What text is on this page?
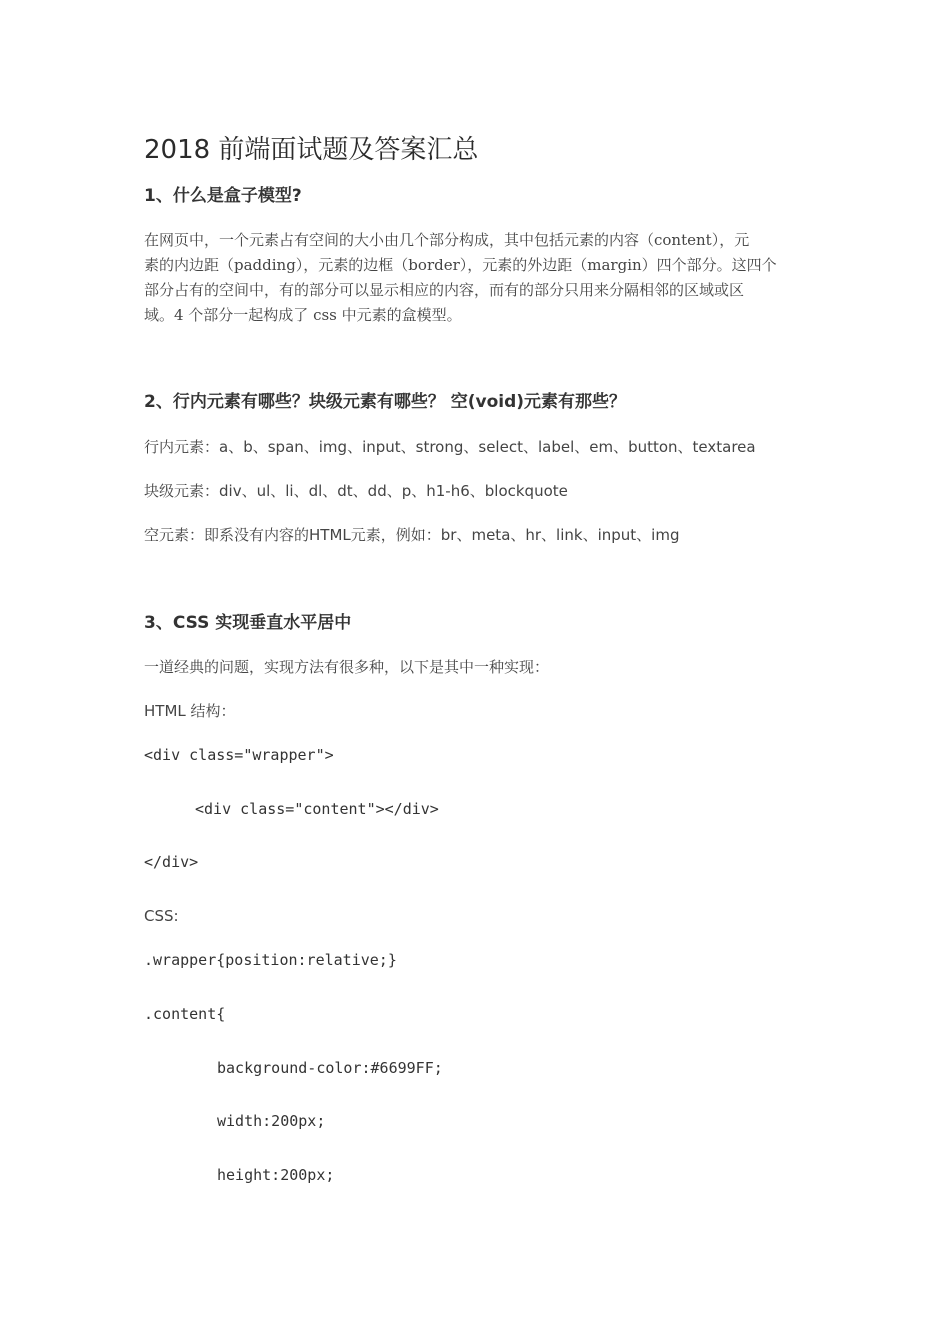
2018 前端面试题及答案汇总
1、什么是盒子模型?
在网页中，一个元素占有空间的大小由几个部分构成，其中包括元素的内容（content），元
素的内边距（padding），元素的边框（border），元素的外边距（margin）四个部分。这四个
部分占有的空间中，有的部分可以显示相应的内容，而有的部分只用来分隔相邻的区域或区
域。4 个部分一起构成了 css 中元素的盒模型。
2、行内元素有哪些？块级元素有哪些？ 空(void)元素有那些？
行内元素：a、b、span、img、input、strong、select、label、em、button、textarea
块级元素：div、ul、li、dl、dt、dd、p、h1-h6、blockquote
空元素：即系没有内容的HTML元素，例如：br、meta、hr、link、input、img
3、CSS 实现垂直水平居中
一道经典的问题，实现方法有很多种，以下是其中一种实现：
HTML 结构：
<div class="wrapper">
<div class="content"></div>
</div>
CSS:
.wrapper{position:relative;}
.content{
background-color:#6699FF;
width:200px;
height:200px;
